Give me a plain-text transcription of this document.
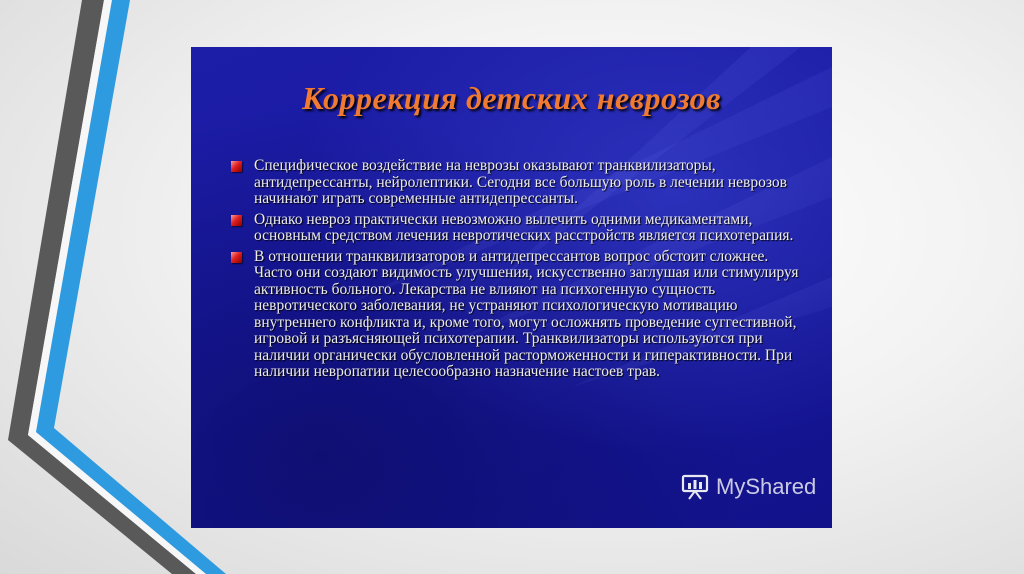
Коррекция детских неврозов
Специфическое воздействие на неврозы оказывают транквилизаторы, антидепрессанты, нейролептики. Сегодня все большую роль в лечении неврозов начинают играть современные антидепрессанты.
Однако невроз практически невозможно вылечить одними медикаментами, основным средством лечения невротических расстройств является психотерапия.
В отношении транквилизаторов и антидепрессантов вопрос обстоит сложнее. Часто они создают видимость улучшения, искусственно заглушая или стимулируя активность больного. Лекарства не влияют на психогенную сущность невротического заболевания, не устраняют психологическую мотивацию внутреннего конфликта и, кроме того, могут осложнять проведение суггестивной, игровой и разъясняющей психотерапии. Транквилизаторы используются при наличии органически обусловленной расторможенности и гиперактивности. При наличии невропатии целесообразно назначение настоев трав.
MyShared
